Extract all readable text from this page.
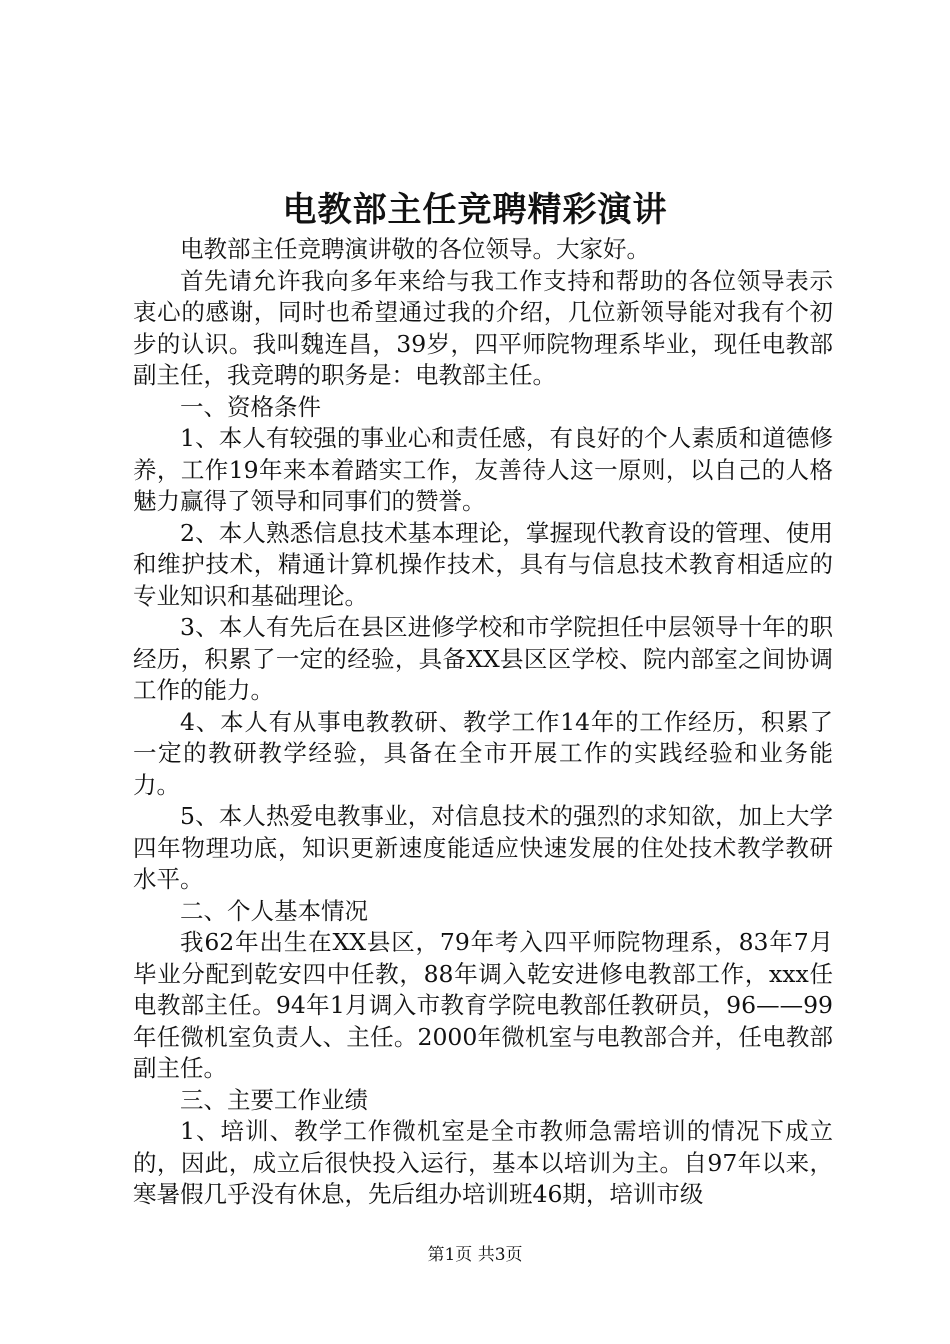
电教部主任竞聘精彩演讲

电教部主任竞聘演讲敬的各位领导。大家好。

首先请允许我向多年来给与我工作支持和帮助的各位领导表示衷心的感谢，同时也希望通过我的介绍，几位新领导能对我有个初步的认识。我叫魏连昌，39岁，四平师院物理系毕业，现任电教部副主任，我竞聘的职务是：电教部主任。

一、资格条件

1、本人有较强的事业心和责任感，有良好的个人素质和道德修养，工作19年来本着踏实工作，友善待人这一原则，以自己的人格魅力赢得了领导和同事们的赞誉。

2、本人熟悉信息技术基本理论，掌握现代教育设的管理、使用和维护技术，精通计算机操作技术，具有与信息技术教育相适应的专业知识和基础理论。

3、本人有先后在县区进修学校和市学院担任中层领导十年的职经历，积累了一定的经验，具备XX县区区学校、院内部室之间协调工作的能力。

4、本人有从事电教教研、教学工作14年的工作经历，积累了一定的教研教学经验，具备在全市开展工作的实践经验和业务能力。

5、本人热爱电教事业，对信息技术的强烈的求知欲，加上大学四年物理功底，知识更新速度能适应快速发展的住处技术教学教研水平。

二、个人基本情况

我62年出生在XX县区，79年考入四平师院物理系，83年7月毕业分配到乾安四中任教，88年调入乾安进修电教部工作，xxx任电教部主任。94年1月调入市教育学院电教部任教研员，96——99年任微机室负责人、主任。2000年微机室与电教部合并，任电教部副主任。

三、主要工作业绩

1、培训、教学工作微机室是全市教师急需培训的情况下成立的，因此，成立后很快投入运行，基本以培训为主。自97年以来，寒暑假几乎没有休息，先后组办培训班46期，培训市级

第1页 共3页
